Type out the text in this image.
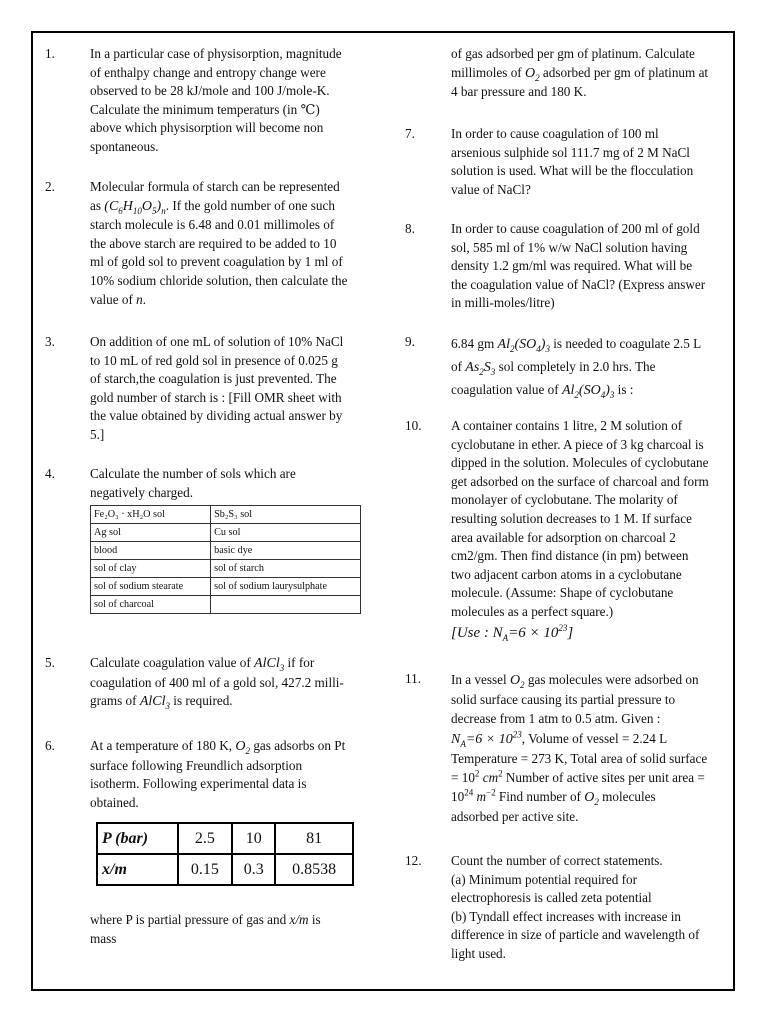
1.	In a particular case of physisorption, magnitude
of enthalpy change and entropy change were
observed to be 28 kJ/mole and 100 J/mole-K.
Calculate the minimum temperaturs (in ℃)
above which physisorption will become non
spontaneous.
2.	Molecular formula of starch can be represented
as $(C_6H_{10}O_5)_n$. If the gold number of one such
starch molecule is 6.48 and 0.01 millimoles of
the above starch are required to be added to 10
ml of gold sol to prevent coagulation by 1 ml of
10% sodium chloride solution, then calculate the
value of n.
3.	On addition of one mL of solution of 10% NaCl
to 10 mL of red gold sol in presence of 0.025 g
of starch,the coagulation is just prevented. The
gold number of starch is : [Fill OMR sheet with
the value obtained by dividing actual answer by
5.]
4.	Calculate the number of sols which are
negatively charged.
Fe₂O₃ · xH₂O sol	Sb₂S₃ sol
Ag sol	Cu sol
blood	basic dye
sol of clay	sol of starch
sol of sodium stearate	sol of sodium laurysulphate
sol of charcoal	
5.	Calculate coagulation value of AlCl$_3$ if for
coagulation of 400 ml of a gold sol, 427.2 milli-
grams of AlCl$_3$ is required.
6.	At a temperature of 180 K, $O_2$ gas adsorbs on Pt
surface following Freundlich adsorption
isotherm. Following experimental data is
obtained.
P (bar)	2.5	10	81
x/m	0.15	0.3	0.8538
where P is partial pressure of gas and x/m is
mass
of gas adsorbed per gm of platinum. Calculate
millimoles of $O_2$ adsorbed per gm of platinum at
4 bar pressure and 180 K.
7.	In order to cause coagulation of 100 ml
arsenious sulphide sol 111.7 mg of 2 M NaCl
solution is used. What will be the flocculation
value of NaCl?
8.	In order to cause coagulation of 200 ml of gold
sol, 585 ml of 1% w/w NaCl solution having
density 1.2 gm/ml was required. What will be
the coagulation value of NaCl? (Express answer
in milli-moles/litre)
9.	6.84 gm $Al_2(SO_4)_3$ is needed to coagulate 2.5 L
of $As_2S_3$ sol completely in 2.0 hrs. The
coagulation value of $Al_2(SO_4)_3$ is :
10. A container contains 1 litre, 2 M solution of
cyclobutane in ether. A piece of 3 kg charcoal is
dipped in the solution. Molecules of cyclobutane
get adsorbed on the surface of charcoal and form
monolayer of cyclobutane. The molarity of
resulting solution decreases to 1 M. If surface
area available for adsorption on charcoal 2
cm2/gm. Then find distance (in pm) between
two adjacent carbon atoms in a cyclobutane
molecule. (Assume: Shape of cyclobutane
molecules as a perfect square.)
[Use : $N_A=6 \times 10^{23}$]
11. In a vessel $O_2$ gas molecules were adsorbed on
solid surface causing its partial pressure to
decrease from 1 atm to 0.5 atm. Given :
$N_A=6 \times 10^{23}$, Volume of vessel = 2.24 L
Temperature = 273 K, Total area of solid surface
= $10^2$ $cm^2$ Number of active sites per unit area =
$10^{24}$ $m^{-2}$ Find number of $O_2$ molecules
adsorbed per active site.
12. Count the number of correct statements.
(a) Minimum potential required for
electrophoresis is called zeta potential
(b) Tyndall effect increases with increase in
difference in size of particle and wavelength of
light used.
